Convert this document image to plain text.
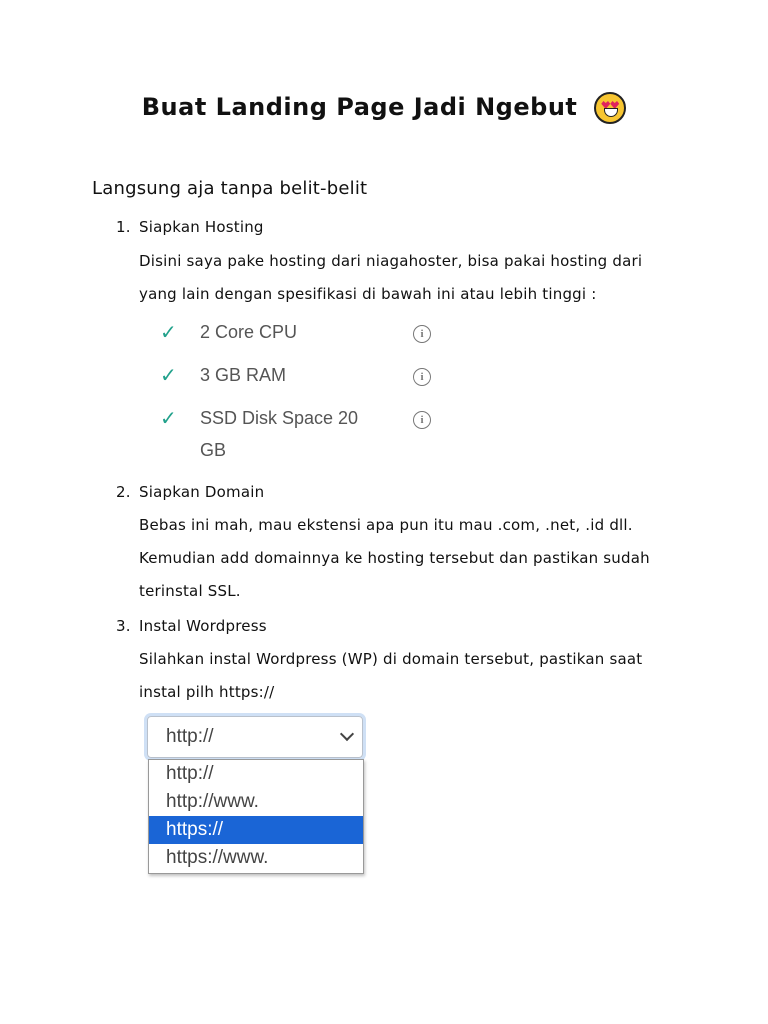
Buat Landing Page Jadi Ngebut
Langsung aja tanpa belit-belit
1. Siapkan Hosting
Disini saya pake hosting dari niagahoster, bisa pakai hosting dari
yang lain dengan spesifikasi di bawah ini atau lebih tinggi :
✓ 2 Core CPU	i
✓ 3 GB RAM	i
✓ SSD Disk Space 20 GB
i
2. Siapkan Domain
Bebas ini mah, mau ekstensi apa pun itu mau .com, .net, .id dll.
Kemudian add domainnya ke hosting tersebut dan pastikan sudah
terinstal SSL.
3. Instal Wordpress
Silahkan instal Wordpress (WP) di domain tersebut, pastikan saat
instal pilh https://
http://
http://
http://www.
https://
https://www.
